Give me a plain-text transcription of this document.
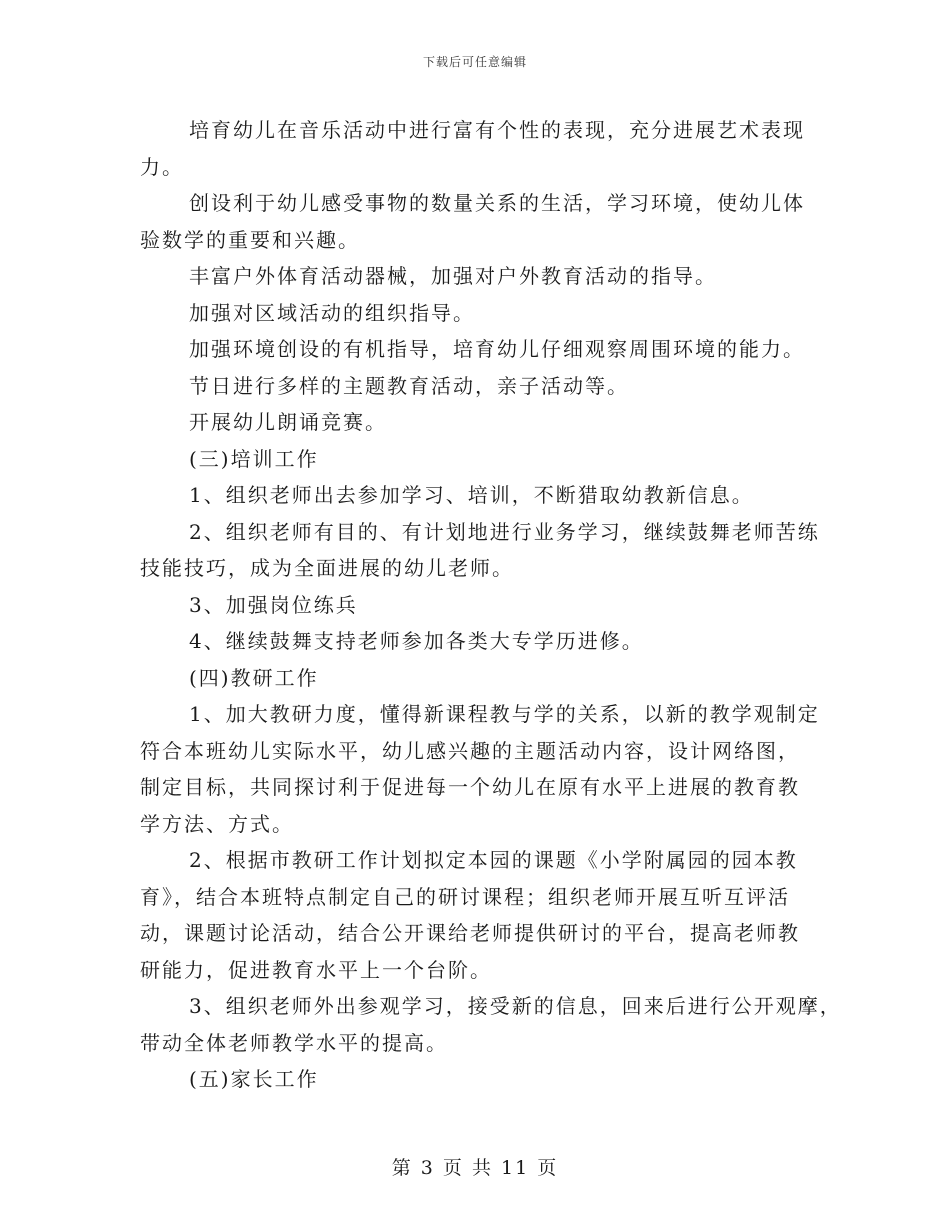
下载后可任意编辑

培育幼儿在音乐活动中进行富有个性的表现，充分进展艺术表现
力。

创设利于幼儿感受事物的数量关系的生活，学习环境，使幼儿体
验数学的重要和兴趣。

丰富户外体育活动器械，加强对户外教育活动的指导。

加强对区域活动的组织指导。

加强环境创设的有机指导，培育幼儿仔细观察周围环境的能力。

节日进行多样的主题教育活动，亲子活动等。

开展幼儿朗诵竞赛。

(三)培训工作

1、组织老师出去参加学习、培训，不断猎取幼教新信息。

2、组织老师有目的、有计划地进行业务学习，继续鼓舞老师苦练
技能技巧，成为全面进展的幼儿老师。

3、加强岗位练兵

4、继续鼓舞支持老师参加各类大专学历进修。

(四)教研工作

1、加大教研力度，懂得新课程教与学的关系，以新的教学观制定
符合本班幼儿实际水平，幼儿感兴趣的主题活动内容，设计网络图，
制定目标，共同探讨利于促进每一个幼儿在原有水平上进展的教育教
学方法、方式。

2、根据市教研工作计划拟定本园的课题《小学附属园的园本教
育》，结合本班特点制定自己的研讨课程；组织老师开展互听互评活
动，课题讨论活动，结合公开课给老师提供研讨的平台，提高老师教
研能力，促进教育水平上一个台阶。

3、组织老师外出参观学习，接受新的信息，回来后进行公开观摩，
带动全体老师教学水平的提高。

(五)家长工作

第 3 页 共 11 页
